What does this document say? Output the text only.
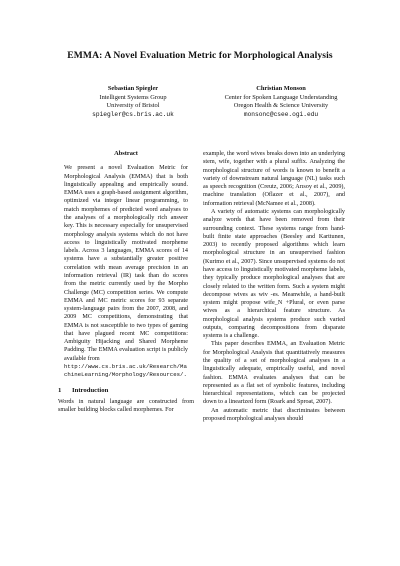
EMMA: A Novel Evaluation Metric for Morphological Analysis
Sebastian Spiegler
Intelligent Systems Group
University of Bristol
spiegler@cs.bris.ac.uk
Christian Monson
Center for Spoken Language Understanding
Oregon Health & Science University
monsonc@csee.ogi.edu
Abstract

We present a novel Evaluation Metric for Morphological Analysis (EMMA) that is both linguistically appealing and empirically sound. EMMA uses a graph-based assignment algorithm, optimized via integer linear programming, to match morphemes of predicted word analyses to the analyses of a morphologically rich answer key. This is necessary especially for unsupervised morphology analysis systems which do not have access to linguistically motivated morpheme labels. Across 3 languages, EMMA scores of 14 systems have a substantially greater positive correlation with mean average precision in an information retrieval (IR) task than do scores from the metric currently used by the Morpho Challenge (MC) competition series. We compute EMMA and MC metric scores for 93 separate system-language pairs from the 2007, 2008, and 2009 MC competitions, demonstrating that EMMA is not susceptible to two types of gaming that have plagued recent MC competitions: Ambiguity Hijacking and Shared Morpheme Padding. The EMMA evaluation script is publicly available from

http://www.cs.bris.ac.uk/Research/MachineLearning/Morphology/Resources/.
1 Introduction

Words in natural language are constructed from smaller building blocks called morphemes. For

example, the word wives breaks down into an underlying stem, wife, together with a plural suffix. Analyzing the morphological structure of words is known to benefit a variety of downstream natural language (NL) tasks such as speech recognition (Creutz, 2006; Arısoy et al., 2009), machine translation (Oflazer et al., 2007), and information retrieval (McNamee et al., 2008).

A variety of automatic systems can morphologically analyze words that have been removed from their surrounding context. These systems range from hand-built finite state approaches (Beesley and Karttunen, 2003) to recently proposed algorithms which learn morphological structure in an unsupervised fashion (Kurimo et al., 2007). Since unsupervised systems do not have access to linguistically motivated morpheme labels, they typically produce morphological analyses that are closely related to the written form. Such a system might decompose wives as wiv -es. Meanwhile, a hand-built system might propose wife_N +Plural, or even parse wives as a hierarchical feature structure. As morphological analysis systems produce such varied outputs, comparing decompositions from disparate systems is a challenge.

This paper describes EMMA, an Evaluation Metric for Morphological Analysis that quantitatively measures the quality of a set of morphological analyses in a linguistically adequate, empirically useful, and novel fashion. EMMA evaluates analyses that can be represented as a flat set of symbolic features, including hierarchical representations, which can be projected down to a linearized form (Roark and Sproat, 2007).

An automatic metric that discriminates between proposed morphological analyses should
